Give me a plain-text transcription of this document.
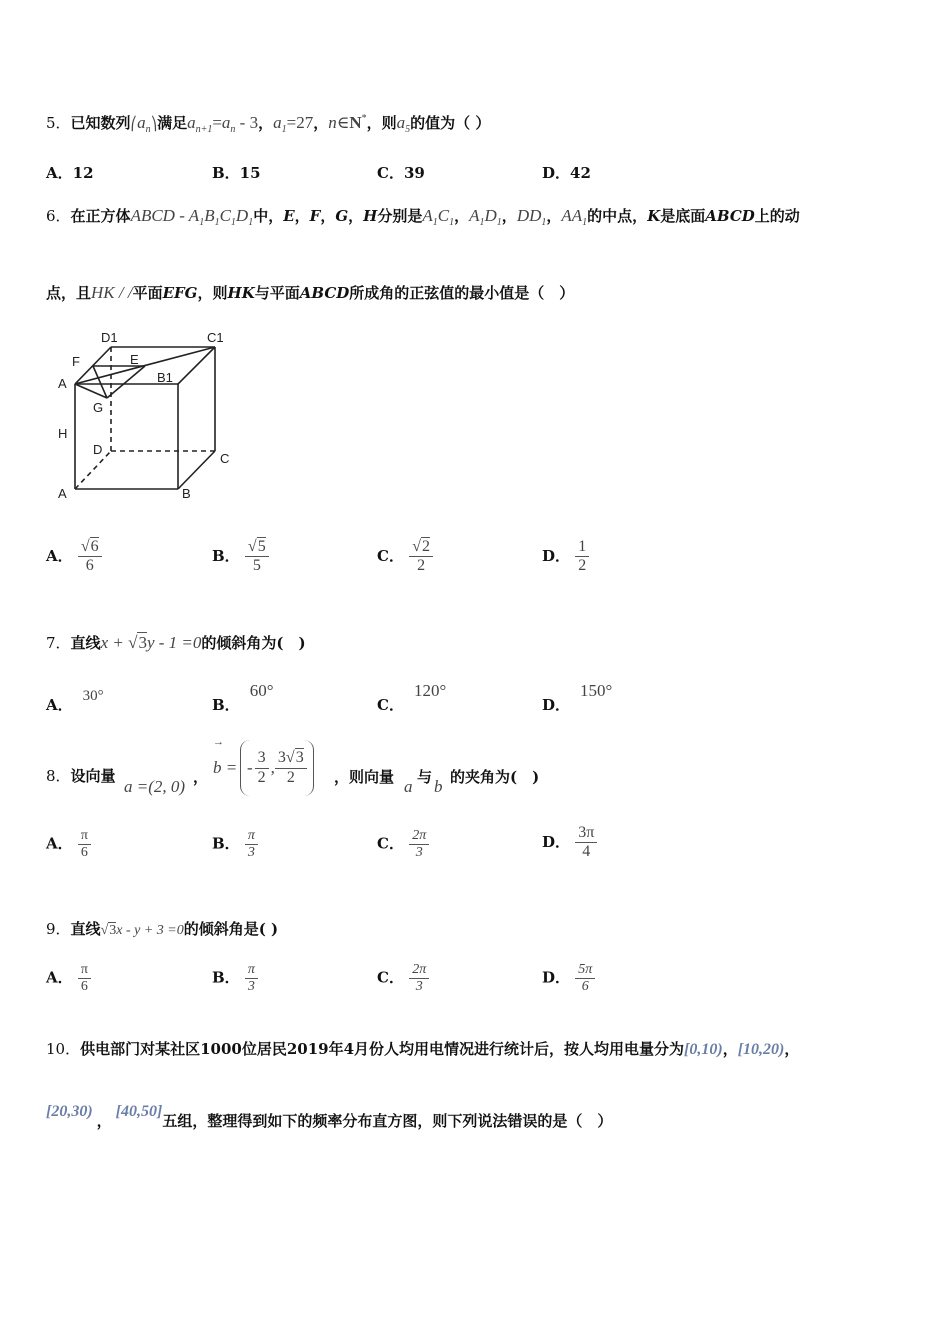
5．已知数列$⎛a_n⎞$满足$a_{n+1}=a_n - 3$，$a_1=27$，n∈N*，则$a_5$的值为（ ）
A．12	B．15	C．39	D．42
6．在正方体ABCD - $A_1B_1C_1D_1$中，E，F，G，H分别是$A_1C_1$，$A_1D_1$，$DD_1$，$AA_1$的中点，K是底面ABCD上的动
点，且HK / /平面EFG，则HK与平面ABCD所成角的正弦值的最小值是（　）
D1	C1
F	E
A	B1
G
H
D
C
A	B
A． $\frac{√6}{6}$	B． $\frac{√5}{5}$	C． $\frac{√2}{2}$	D． $\frac{1}{2}$
7．直线x + √3y - 1 =0的倾斜角为(　)
A． 30°	B．60°
C．120°
D．150°
8．设向量
a =(2, 0) ，
→
b = - $\frac{3}{2}$ , $\frac{3√3}{2}$ ，则向量 a 与 b 的夹角为(　)
A． $\frac{\pi}{6}$	B． $\frac{\pi}{3}$	C． $\frac{2\pi}{3}$	D． $\frac{3\pi}{4}$
9．直线√3x - y + 3 =0的倾斜角是( )
A． $\frac{\pi}{6}$	B． $\frac{\pi}{3}$	C． $\frac{2\pi}{3}$	D． $\frac{5\pi}{6}$
10．供电部门对某社区1000位居民2019年4月份人均用电情况进行统计后，按人均用电量分为[0,10)，[10,20)，
[20,30)，[40,50]五组，整理得到如下的频率分布直方图，则下列说法错误的是（　）
